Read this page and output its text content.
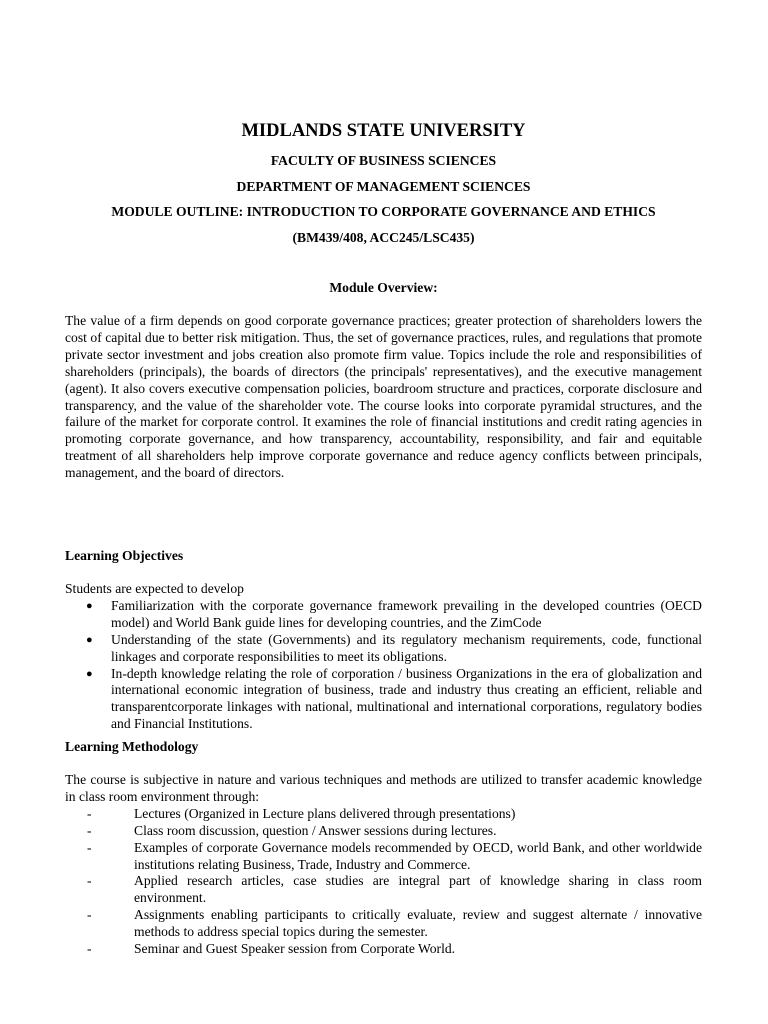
MIDLANDS STATE UNIVERSITY
FACULTY OF BUSINESS SCIENCES
DEPARTMENT OF MANAGEMENT SCIENCES
MODULE OUTLINE: INTRODUCTION TO CORPORATE GOVERNANCE AND ETHICS
(BM439/408, ACC245/LSC435)
Module Overview:
The value of a firm depends on good corporate governance practices; greater protection of shareholders lowers the cost of capital due to better risk mitigation. Thus, the set of governance practices, rules, and regulations that promote private sector investment and jobs creation also promote firm value. Topics include the role and responsibilities of shareholders (principals), the boards of directors (the principals' representatives), and the executive management (agent). It also covers executive compensation policies, boardroom structure and practices, corporate disclosure and transparency, and the value of the shareholder vote. The course looks into corporate pyramidal structures, and the failure of the market for corporate control. It examines the role of financial institutions and credit rating agencies in promoting corporate governance, and how transparency, accountability, responsibility, and fair and equitable treatment of all shareholders help improve corporate governance and reduce agency conflicts between principals, management, and the board of directors.
Learning Objectives
Students are expected to develop
● Familiarization with the corporate governance framework prevailing in the developed countries (OECD model) and World Bank guide lines for developing countries, and the ZimCode
● Understanding of the state (Governments) and its regulatory mechanism requirements, code, functional linkages and corporate responsibilities to meet its obligations.
● In-depth knowledge relating the role of corporation / business Organizations in the era of globalization and international economic integration of business, trade and industry thus creating an efficient, reliable and transparentcorporate linkages with national, multinational and international corporations, regulatory bodies and Financial Institutions.
Learning Methodology
The course is subjective in nature and various techniques and methods are utilized to transfer academic knowledge in class room environment through:
-	Lectures (Organized in Lecture plans delivered through presentations)
-	Class room discussion, question / Answer sessions during lectures.
-	Examples of corporate Governance models recommended by OECD, world Bank, and other worldwide institutions relating Business, Trade, Industry and Commerce.
-	Applied research articles, case studies are integral part of knowledge sharing in class room environment.
-	Assignments enabling participants to critically evaluate, review and suggest alternate / innovative methods to address special topics during the semester.
-	Seminar and Guest Speaker session from Corporate World.
